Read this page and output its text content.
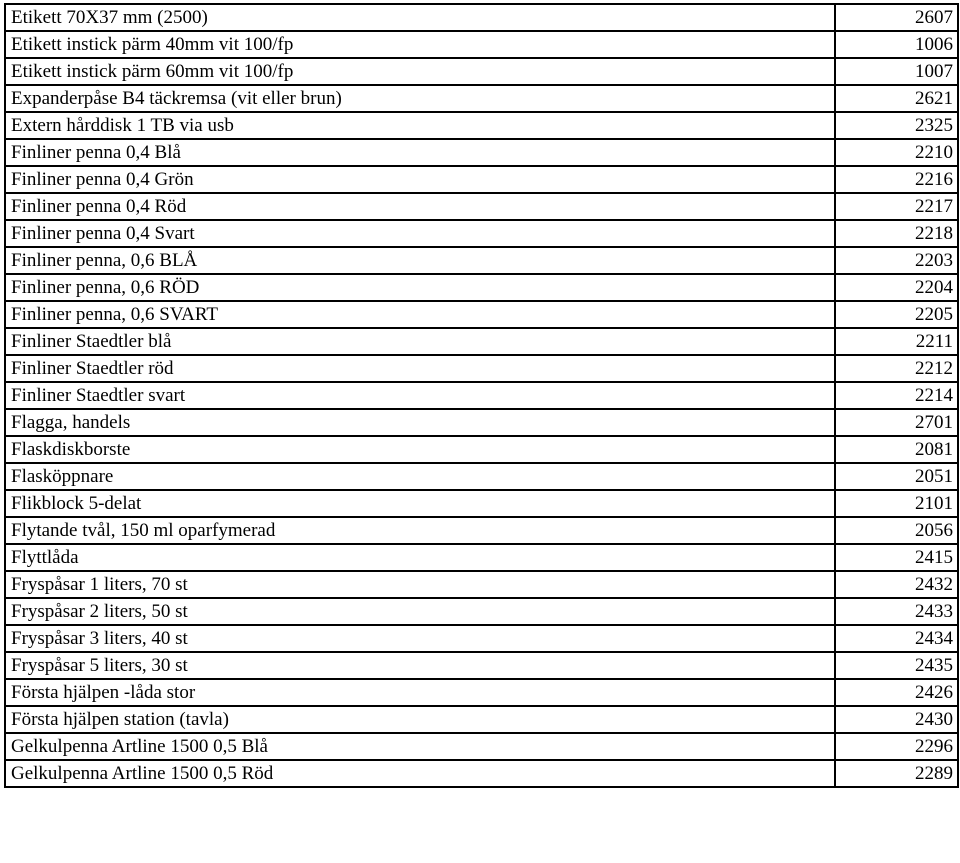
Etikett 70X37 mm (2500)	2607
Etikett instick pärm 40mm vit 100/fp	1006
Etikett instick pärm 60mm vit 100/fp	1007
Expanderpåse B4 täckremsa (vit eller brun)	2621
Extern hårddisk 1 TB via usb	2325
Finliner penna 0,4 Blå	2210
Finliner penna 0,4 Grön	2216
Finliner penna 0,4 Röd	2217
Finliner penna 0,4 Svart	2218
Finliner penna, 0,6 BLÅ	2203
Finliner penna, 0,6 RÖD	2204
Finliner penna, 0,6 SVART	2205
Finliner Staedtler blå	2211
Finliner Staedtler röd	2212
Finliner Staedtler svart	2214
Flagga, handels	2701
Flaskdiskborste	2081
Flasköppnare	2051
Flikblock 5-delat	2101
Flytande tvål, 150 ml oparfymerad	2056
Flyttlåda	2415
Fryspåsar 1 liters, 70 st	2432
Fryspåsar 2 liters, 50 st	2433
Fryspåsar 3 liters, 40 st	2434
Fryspåsar 5 liters, 30 st	2435
Första hjälpen -låda stor	2426
Första hjälpen station (tavla)	2430
Gelkulpenna Artline 1500 0,5 Blå	2296
Gelkulpenna Artline 1500 0,5 Röd	2289
